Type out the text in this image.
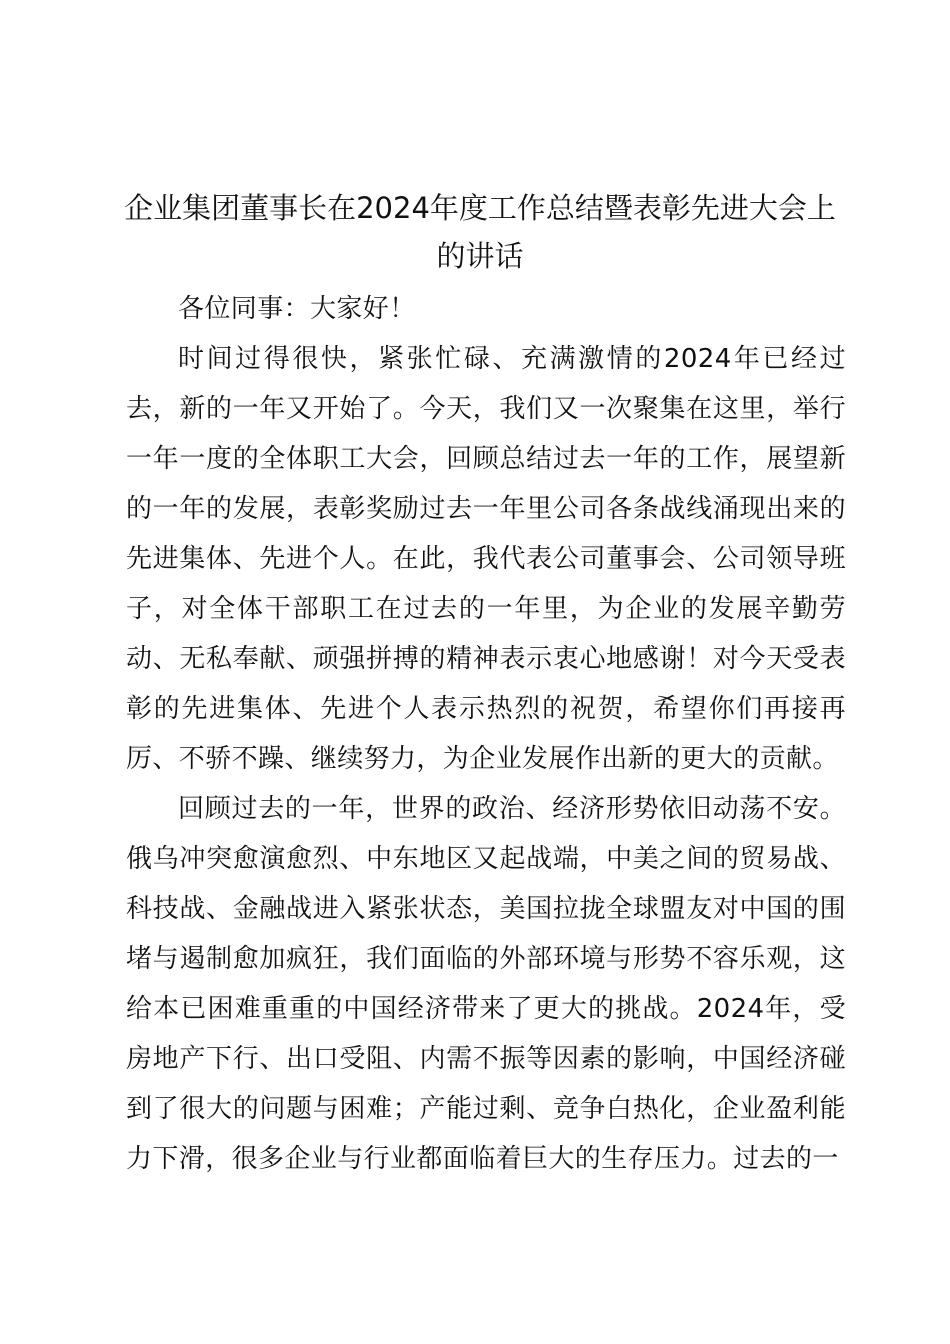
企业集团董事长在2024年度工作总结暨表彰先进大会上的讲话

各位同事：大家好！

时间过得很快，紧张忙碌、充满激情的2024年已经过去，新的一年又开始了。今天，我们又一次聚集在这里，举行一年一度的全体职工大会，回顾总结过去一年的工作，展望新的一年的发展，表彰奖励过去一年里公司各条战线涌现出来的先进集体、先进个人。在此，我代表公司董事会、公司领导班子，对全体干部职工在过去的一年里，为企业的发展辛勤劳动、无私奉献、顽强拼搏的精神表示衷心地感谢！对今天受表彰的先进集体、先进个人表示热烈的祝贺，希望你们再接再厉、不骄不躁、继续努力，为企业发展作出新的更大的贡献。

回顾过去的一年，世界的政治、经济形势依旧动荡不安。俄乌冲突愈演愈烈、中东地区又起战端，中美之间的贸易战、科技战、金融战进入紧张状态，美国拉拢全球盟友对中国的围堵与遏制愈加疯狂，我们面临的外部环境与形势不容乐观，这给本已困难重重的中国经济带来了更大的挑战。2024年，受房地产下行、出口受阻、内需不振等因素的影响，中国经济碰到了很大的问题与困难；产能过剩、竞争白热化，企业盈利能力下滑，很多企业与行业都面临着巨大的生存压力。过去的一
